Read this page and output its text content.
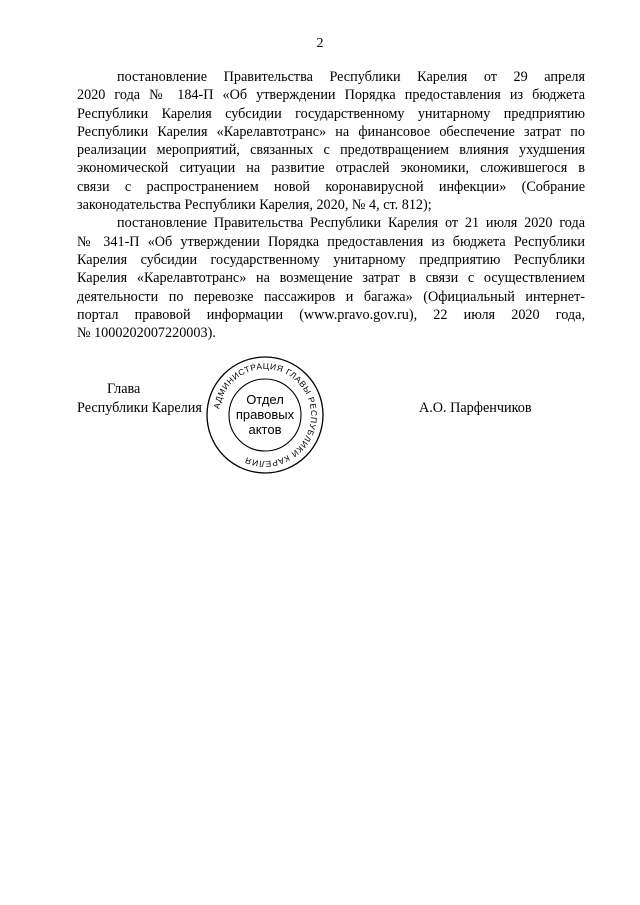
2

постановление Правительства Республики Карелия от 29 апреля
2020 года № 184-П «Об утверждении Порядка предоставления из бюджета
Республики Карелия субсидии государственному унитарному предприятию
Республики Карелия «Карелавтотранс» на финансовое обеспечение затрат по
реализации мероприятий, связанных с предотвращением влияния ухудшения
экономической ситуации на развитие отраслей экономики, сложившегося в
связи с распространением новой коронавирусной инфекции» (Собрание
законодательства Республики Карелия, 2020, № 4, ст. 812);

постановление Правительства Республики Карелия от 21 июля 2020 года
№ 341-П «Об утверждении Порядка предоставления из бюджета Республики
Карелия субсидии государственному унитарному предприятию Республики
Карелия «Карелавтотранс» на возмещение затрат в связи с осуществлением
деятельности по перевозке пассажиров и багажа» (Официальный интернет-
портал правовой информации (www.pravo.gov.ru), 22 июля 2020 года,
№ 1000202007220003).

Глава
Республики Карелия	А.О. Парфенчиков
АДМИНИСТРАЦИЯ ГЛАВЫ РЕСПУБЛИКИ КАРЕЛИЯ
Отдел
правовых
актов
